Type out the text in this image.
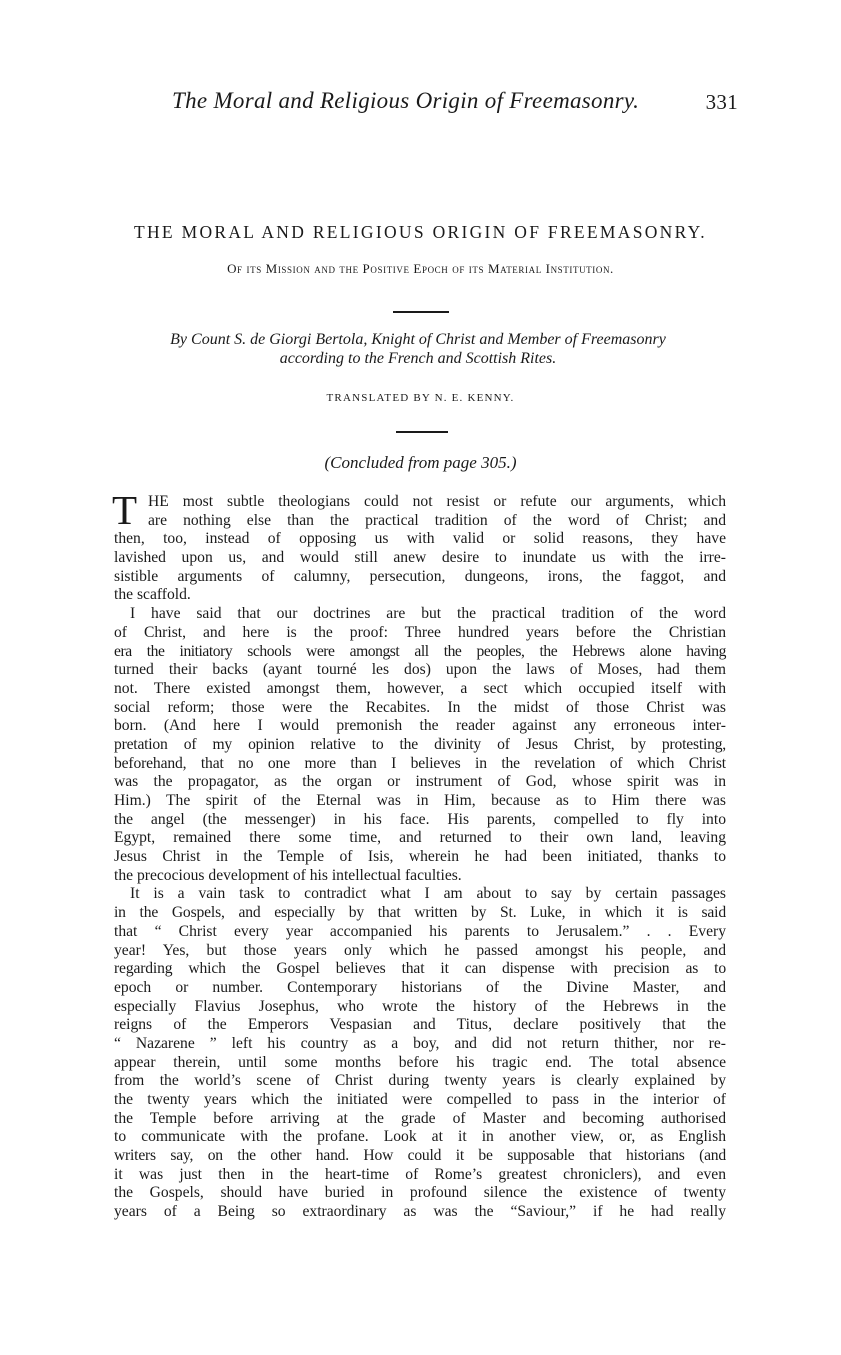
The Moral and Religious Origin of Freemasonry.	331
THE MORAL AND RELIGIOUS ORIGIN OF FREEMASONRY.
Of its Mission and the Positive Epoch of its Material Institution.
By Count S. de Giorgi Bertola, Knight of Christ and Member of Freemasonry
according to the French and Scottish Rites.
TRANSLATED BY N. E. KENNY.
(Concluded from page 305.)
T HE most subtle theologians could not resist or refute our arguments, which
are nothing else than the practical tradition of the word of Christ; and
then, too, instead of opposing us with valid or solid reasons, they have
lavished upon us, and would still anew desire to inundate us with the irre-
sistible arguments of calumny, persecution, dungeons, irons, the faggot, and
the scaffold.
I have said that our doctrines are but the practical tradition of the word
of Christ, and here is the proof: Three hundred years before the Christian
era the initiatory schools were amongst all the peoples, the Hebrews alone having
turned their backs (ayant tourné les dos) upon the laws of Moses, had them
not. There existed amongst them, however, a sect which occupied itself with
social reform; those were the Recabites. In the midst of those Christ was
born. (And here I would premonish the reader against any erroneous inter-
pretation of my opinion relative to the divinity of Jesus Christ, by protesting,
beforehand, that no one more than I believes in the revelation of which Christ
was the propagator, as the organ or instrument of God, whose spirit was in
Him.) The spirit of the Eternal was in Him, because as to Him there was
the angel (the messenger) in his face. His parents, compelled to fly into
Egypt, remained there some time, and returned to their own land, leaving
Jesus Christ in the Temple of Isis, wherein he had been initiated, thanks to
the precocious development of his intellectual faculties.
It is a vain task to contradict what I am about to say by certain passages
in the Gospels, and especially by that written by St. Luke, in which it is said
that “ Christ every year accompanied his parents to Jerusalem.” . . Every
year! Yes, but those years only which he passed amongst his people, and
regarding which the Gospel believes that it can dispense with precision as to
epoch or number. Contemporary historians of the Divine Master, and
especially Flavius Josephus, who wrote the history of the Hebrews in the
reigns of the Emperors Vespasian and Titus, declare positively that the
“ Nazarene ” left his country as a boy, and did not return thither, nor re-
appear therein, until some months before his tragic end. The total absence
from the world’s scene of Christ during twenty years is clearly explained by
the twenty years which the initiated were compelled to pass in the interior of
the Temple before arriving at the grade of Master and becoming authorised
to communicate with the profane. Look at it in another view, or, as English
writers say, on the other hand. How could it be supposable that historians (and
it was just then in the heart-time of Rome’s greatest chroniclers), and even
the Gospels, should have buried in profound silence the existence of twenty
years of a Being so extraordinary as was the “Saviour,” if he had really
